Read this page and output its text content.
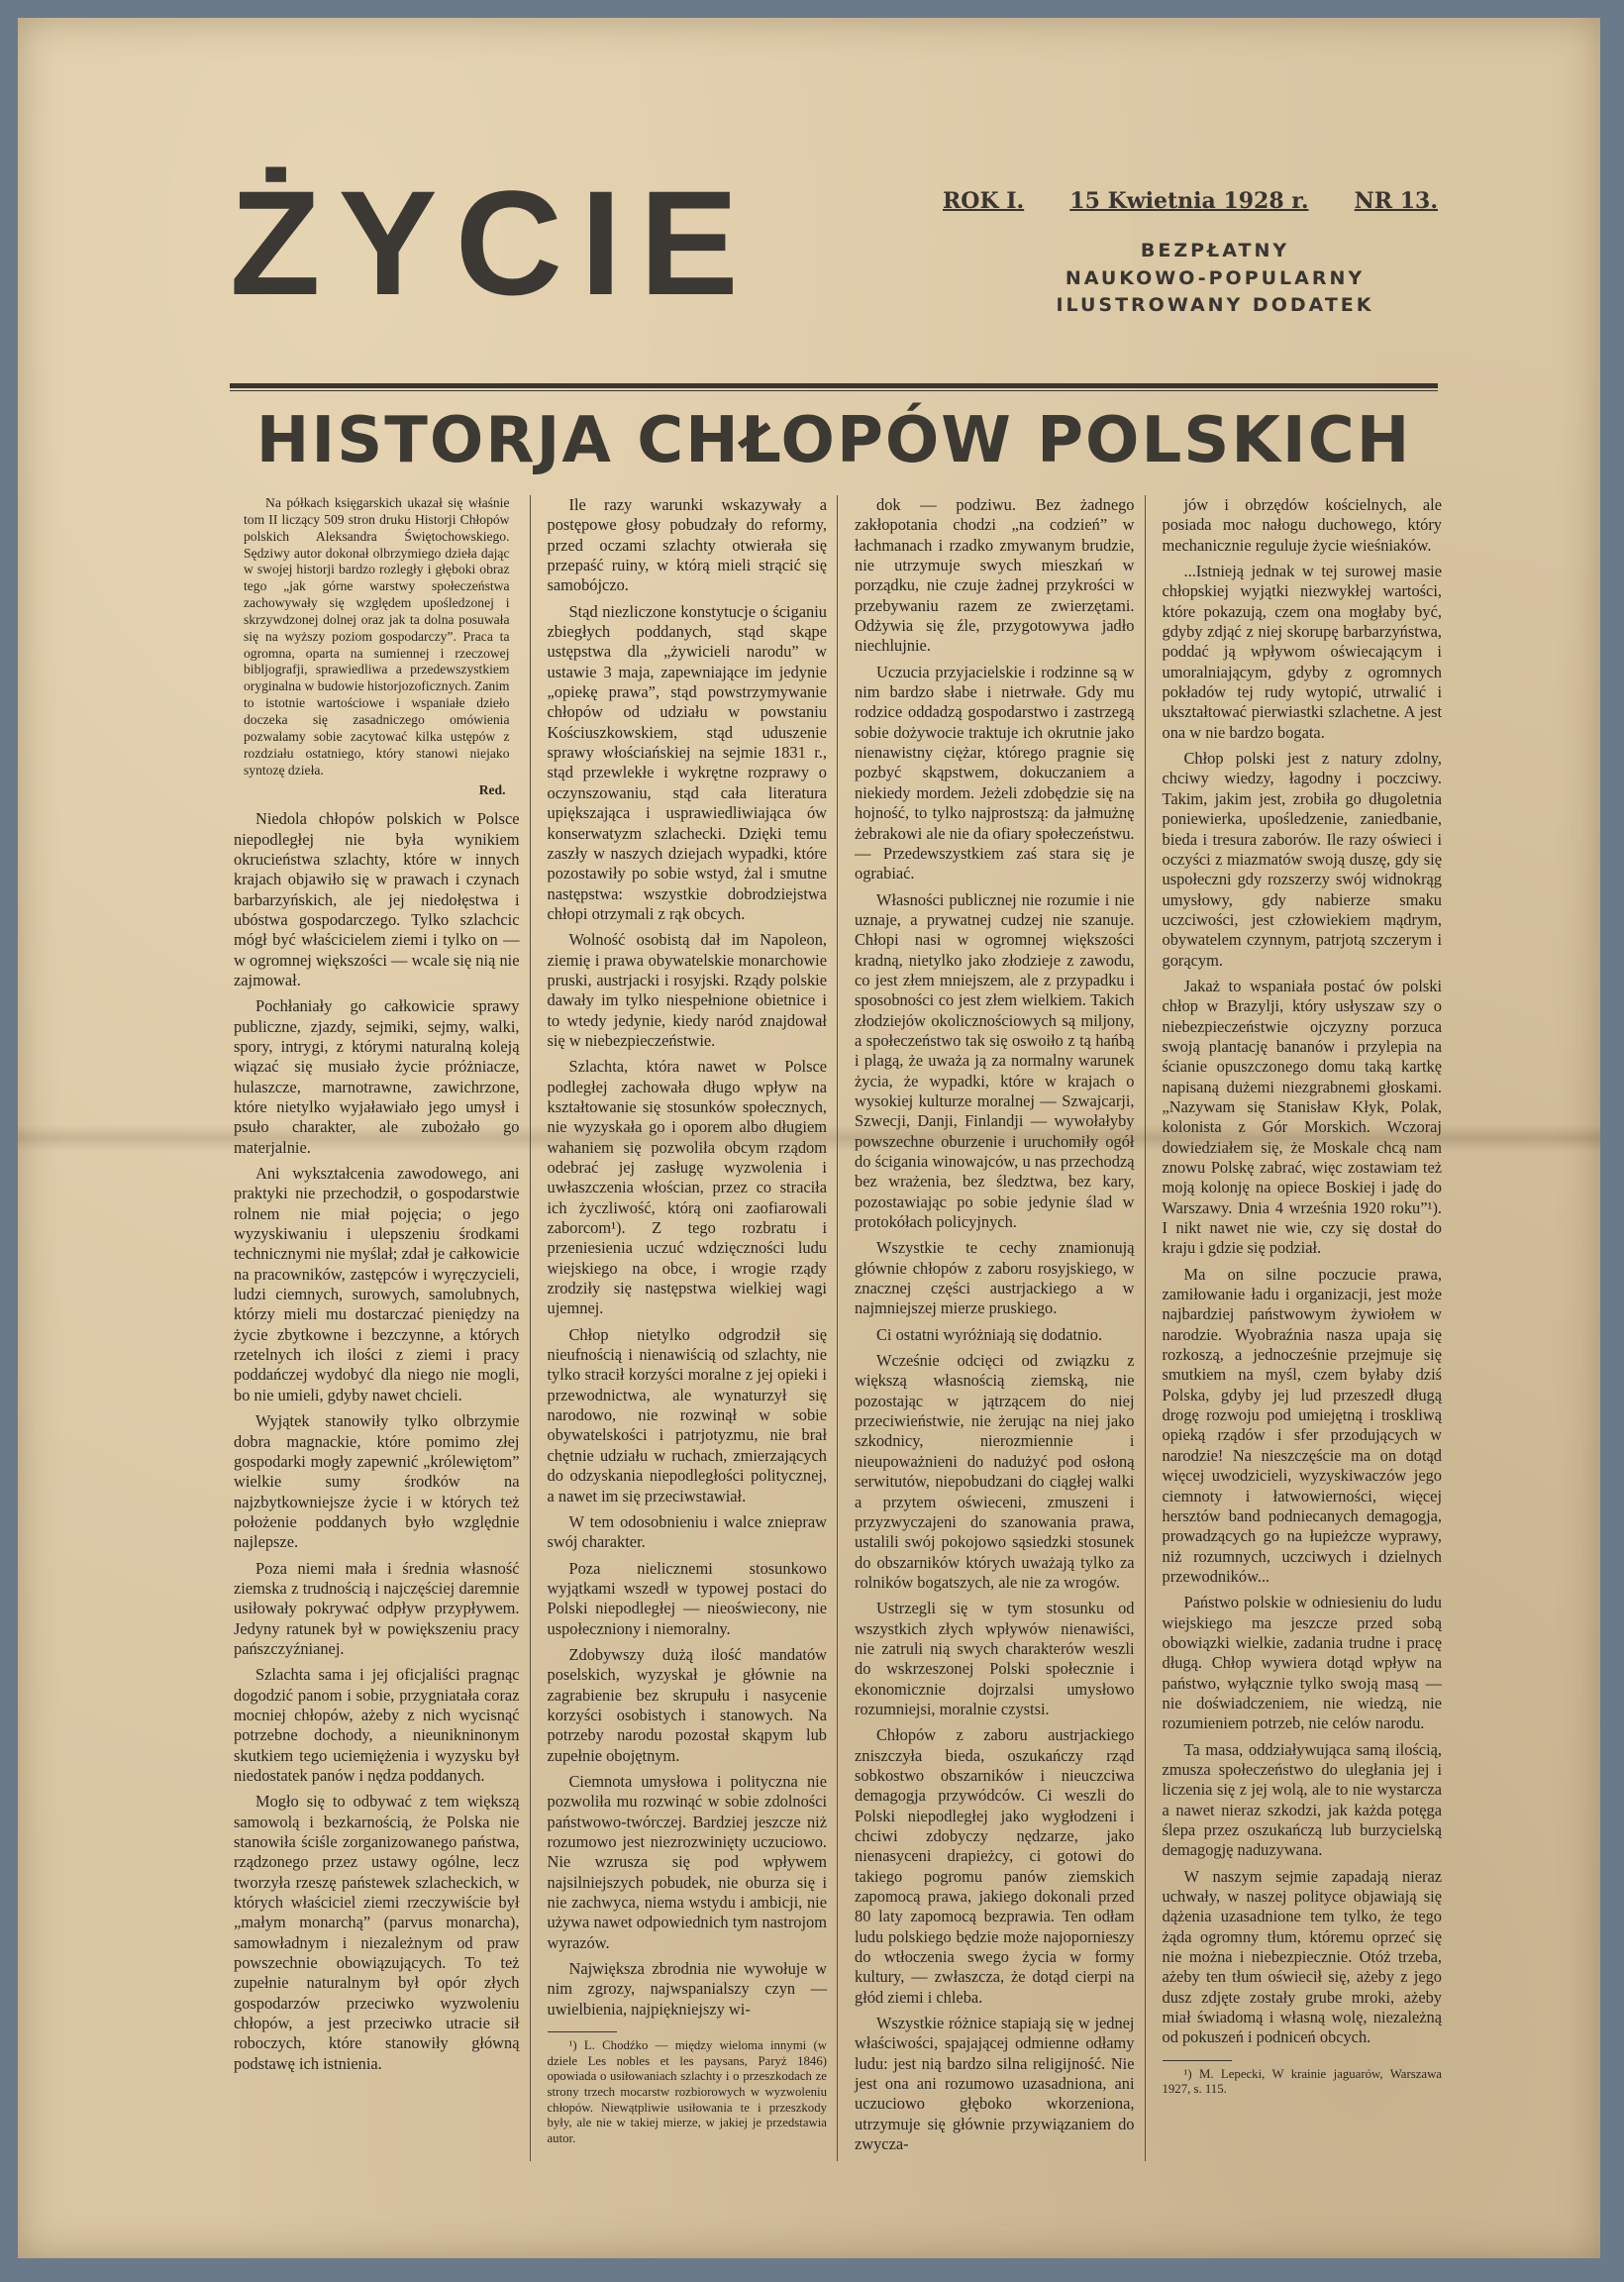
ŻYCIE	ROK I. 15 Kwietnia 1928 r. NR 13.
BEZPŁATNY
NAUKOWO-POPULARNY
ILUSTROWANY DODATEK
HISTORJA CHŁOPÓW POLSKICH

Na półkach księgarskich ukazał się właśnie tom II liczący 509 stron druku Historji Chłopów polskich Aleksandra Świętochowskiego. Sędziwy autor dokonał olbrzymiego dzieła dając w swojej historji bardzo rozległy i głęboki obraz tego „jak górne warstwy społeczeństwa zachowywały się względem upośledzonej i skrzywdzonej dolnej oraz jak ta dolna posuwała się na wyższy poziom gospodarczy”. Praca ta ogromna, oparta na sumiennej i rzeczowej bibljografji, sprawiedliwa a przedewszystkiem oryginalna w budowie historjozoficznych. Zanim to istotnie wartościowe i wspaniałe dzieło doczeka się zasadniczego omówienia pozwalamy sobie zacytować kilka ustępów z rozdziału ostatniego, który stanowi niejako syntozę dzieła.

Red.

Niedola chłopów polskich w Polsce niepodległej nie była wynikiem okrucieństwa szlachty, które w innych krajach objawiło się w prawach i czynach barbarzyńskich, ale jej niedołęstwa i ubóstwa gospodarczego. Tylko szlachcic mógł być właścicielem ziemi i tylko on — w ogromnej większości — wcale się nią nie zajmował.

Pochłaniały go całkowicie sprawy publiczne, zjazdy, sejmiki, sejmy, walki, spory, intrygi, z którymi naturalną koleją wiązać się musiało życie próżniacze, hulaszcze, marnotrawne, zawichrzone, które nietylko wyjaławiało jego umysł i psuło charakter, ale zubożało go materjalnie.

Ani wykształcenia zawodowego, ani praktyki nie przechodził, o gospodarstwie rolnem nie miał pojęcia; o jego wyzyskiwaniu i ulepszeniu środkami technicznymi nie myślał; zdał je całkowicie na pracowników, zastępców i wyręczycieli, ludzi ciemnych, surowych, samolubnych, którzy mieli mu dostarczać pieniędzy na życie zbytkowne i bezczynne, a których rzetelnych ich ilości z ziemi i pracy poddańczej wydobyć dla niego nie mogli, bo nie umieli, gdyby nawet chcieli.

Wyjątek stanowiły tylko olbrzymie dobra magnackie, które pomimo złej gospodarki mogły zapewnić „królewiętom” wielkie sumy środków na najzbytkowniejsze życie i w których też położenie poddanych było względnie najlepsze.

Poza niemi mała i średnia własność ziemska z trudnością i najczęściej daremnie usiłowały pokrywać odpływ przypływem. Jedyny ratunek był w powiększeniu pracy pańszczyźnianej.

Szlachta sama i jej oficjaliści pragnąc dogodzić panom i sobie, przygniatała coraz mocniej chłopów, ażeby z nich wycisnąć potrzebne dochody, a nieunikninonym skutkiem tego uciemiężenia i wyzysku był niedostatek panów i nędza poddanych.

Mogło się to odbywać z tem większą samowolą i bezkarnością, że Polska nie stanowiła ściśle zorganizowanego państwa, rządzonego przez ustawy ogólne, lecz tworzyła rzeszę państewek szlacheckich, w których właściciel ziemi rzeczywiście był „małym monarchą” (parvus monarcha), samowładnym i niezależnym od praw powszechnie obowiązujących. To też zupełnie naturalnym był opór złych gospodarzów przeciwko wyzwoleniu chłopów, a jest przeciwko utracie sił roboczych, które stanowiły główną podstawę ich istnienia.

Ile razy warunki wskazywały a postępowe głosy pobudzały do reformy, przed oczami szlachty otwierała się przepaść ruiny, w którą mieli strącić się samobójczo.

Stąd niezliczone konstytucje o ściganiu zbiegłych poddanych, stąd skąpe ustępstwa dla „żywicieli narodu” w ustawie 3 maja, zapewniające im jedynie „opiekę prawa”, stąd powstrzymywanie chłopów od udziału w powstaniu Kościuszkowskiem, stąd uduszenie sprawy włościańskiej na sejmie 1831 r., stąd przewlekłe i wykrętne rozprawy o oczynszowaniu, stąd cała literatura upiększająca i usprawiedliwiająca ów konserwatyzm szlachecki. Dzięki temu zaszły w naszych dziejach wypadki, które pozostawiły po sobie wstyd, żal i smutne następstwa: wszystkie dobrodziejstwa chłopi otrzymali z rąk obcych.

Wolność osobistą dał im Napoleon, ziemię i prawa obywatelskie monarchowie pruski, austrjacki i rosyjski. Rządy polskie dawały im tylko niespełnione obietnice i to wtedy jedynie, kiedy naród znajdował się w niebezpieczeństwie.

Szlachta, która nawet w Polsce podległej zachowała długo wpływ na kształtowanie się stosunków społecznych, nie wyzyskała go i oporem albo długiem wahaniem się pozwoliła obcym rządom odebrać jej zasługę wyzwolenia i uwłaszczenia włościan, przez co straciła ich życzliwość, którą oni zaofiarowali zaborcom¹). Z tego rozbratu i przeniesienia uczuć wdzięczności ludu wiejskiego na obce, i wrogie rządy zrodziły się następstwa wielkiej wagi ujemnej.

Chłop nietylko odgrodził się nieufnością i nienawiścią od szlachty, nie tylko stracił korzyści moralne z jej opieki i przewodnictwa, ale wynaturzył się narodowo, nie rozwinął w sobie obywatelskości i patrjotyzmu, nie brał chętnie udziału w ruchach, zmierzających do odzyskania niepodległości politycznej, a nawet im się przeciwstawiał.

W tem odosobnieniu i walce zniepraw swój charakter.

Poza nielicznemi stosunkowo wyjątkami wszedł w typowej postaci do Polski niepodległej — nieoświecony, nie uspołeczniony i niemoralny.

Zdobywszy dużą ilość mandatów poselskich, wyzyskał je głównie na zagrabienie bez skrupułu i nasycenie korzyści osobistych i stanowych. Na potrzeby narodu pozostał skąpym lub zupełnie obojętnym.

Ciemnota umysłowa i polityczna nie pozwoliła mu rozwinąć w sobie zdolności państwowo-twórczej. Bardziej jeszcze niż rozumowo jest niezrozwinięty uczuciowo. Nie wzrusza się pod wpływem najsilniejszych pobudek, nie oburza się i nie zachwyca, niema wstydu i ambicji, nie używa nawet odpowiednich tym nastrojom wyrazów.

Największa zbrodnia nie wywołuje w nim zgrozy, najwspanialszy czyn — uwielbienia, najpiękniejszy wi-

¹) L. Chodźko — między wieloma innymi (w dziele Les nobles et les paysans, Paryż 1846) opowiada o usiłowaniach szlachty i o przeszkodach ze strony trzech mocarstw rozbiorowych w wyzwoleniu chłopów. Niewątpliwie usiłowania te i przeszkody były, ale nie w takiej mierze, w jakiej je przedstawia autor.

dok — podziwu. Bez żadnego zakłopotania chodzi „na codzień” w łachmanach i rzadko zmywanym brudzie, nie utrzymuje swych mieszkań w porządku, nie czuje żadnej przykrości w przebywaniu razem ze zwierzętami. Odżywia się źle, przygotowywa jadło niechlujnie.

Uczucia przyjacielskie i rodzinne są w nim bardzo słabe i nietrwałe. Gdy mu rodzice oddadzą gospodarstwo i zastrzegą sobie dożywocie traktuje ich okrutnie jako nienawistny ciężar, którego pragnie się pozbyć skąpstwem, dokuczaniem a niekiedy mordem. Jeżeli zdobędzie się na hojność, to tylko najprostszą: da jałmużnę żebrakowi ale nie da ofiary społeczeństwu. — Przedewszystkiem zaś stara się je ograbiać.

Własności publicznej nie rozumie i nie uznaje, a prywatnej cudzej nie szanuje. Chłopi nasi w ogromnej większości kradną, nietylko jako złodzieje z zawodu, co jest złem mniejszem, ale z przypadku i sposobności co jest złem wielkiem. Takich złodziejów okolicznościowych są miljony, a społeczeństwo tak się oswoiło z tą hańbą i plagą, że uważa ją za normalny warunek życia, że wypadki, które w krajach o wysokiej kulturze moralnej — Szwajcarji, Szwecji, Danji, Finlandji — wywołałyby powszechne oburzenie i uruchomiły ogół do ścigania winowajców, u nas przechodzą bez wrażenia, bez śledztwa, bez kary, pozostawiając po sobie jedynie ślad w protokółach policyjnych.

Wszystkie te cechy znamionują głównie chłopów z zaboru rosyjskiego, w znacznej części austrjackiego a w najmniejszej mierze pruskiego.

Ci ostatni wyróżniają się dodatnio.

Wcześnie odcięci od związku z większą własnością ziemską, nie pozostając w jątrzącem do niej przeciwieństwie, nie żerując na niej jako szkodnicy, nierozmiennie i nieupoważnieni do nadużyć pod osłoną serwitutów, niepobudzani do ciągłej walki a przytem oświeceni, zmuszeni i przyzwyczajeni do szanowania prawa, ustalili swój pokojowo sąsiedzki stosunek do obszarników których uważają tylko za rolników bogatszych, ale nie za wrogów.

Ustrzegli się w tym stosunku od wszystkich złych wpływów nienawiści, nie zatruli nią swych charakterów weszli do wskrzeszonej Polski społecznie i ekonomicznie dojrzalsi umysłowo rozumniejsi, moralnie czystsi.

Chłopów z zaboru austrjackiego zniszczyła bieda, oszukańczy rząd sobkostwo obszarników i nieuczciwa demagogja przywódców. Ci weszli do Polski niepodległej jako wygłodzeni i chciwi zdobyczy nędzarze, jako nienasyceni drapieżcy, ci gotowi do takiego pogromu panów ziemskich zapomocą prawa, jakiego dokonali przed 80 laty zapomocą bezprawia. Ten odłam ludu polskiego będzie może najopornieszy do wtłoczenia swego życia w formy kultury, — zwłaszcza, że dotąd cierpi na głód ziemi i chleba.

Wszystkie różnice stapiają się w jednej właściwości, spajającej odmienne odłamy ludu: jest nią bardzo silna religijność. Nie jest ona ani rozumowo uzasadniona, ani uczuciowo głęboko wkorzeniona, utrzymuje się głównie przywiązaniem do zwycza-

jów i obrzędów kościelnych, ale posiada moc nałogu duchowego, który mechanicznie reguluje życie wieśniaków.

...Istnieją jednak w tej surowej masie chłopskiej wyjątki niezwykłej wartości, które pokazują, czem ona mogłaby być, gdyby zdjąć z niej skorupę barbarzyństwa, poddać ją wpływom oświecającym i umoralniającym, gdyby z ogromnych pokładów tej rudy wytopić, utrwalić i ukształtować pierwiastki szlachetne. A jest ona w nie bardzo bogata.

Chłop polski jest z natury zdolny, chciwy wiedzy, łagodny i poczciwy. Takim, jakim jest, zrobiła go długoletnia poniewierka, upośledzenie, zaniedbanie, bieda i tresura zaborów. Ile razy oświeci i oczyści z miazmatów swoją duszę, gdy się uspołeczni gdy rozszerzy swój widnokrąg umysłowy, gdy nabierze smaku uczciwości, jest człowiekiem mądrym, obywatelem czynnym, patrjotą szczerym i gorącym.

Jakaż to wspaniała postać ów polski chłop w Brazylji, który usłyszaw szy o niebezpieczeństwie ojczyzny porzuca swoją plantację bananów i przylepia na ścianie opuszczonego domu taką kartkę napisaną dużemi niezgrabnemi głoskami. „Nazywam się Stanisław Kłyk, Polak, kolonista z Gór Morskich. Wczoraj dowiedziałem się, że Moskale chcą nam znowu Polskę zabrać, więc zostawiam też moją kolonję na opiece Boskiej i jadę do Warszawy. Dnia 4 września 1920 roku”¹). I nikt nawet nie wie, czy się dostał do kraju i gdzie się podział.

Ma on silne poczucie prawa, zamiłowanie ładu i organizacji, jest może najbardziej państwowym żywiołem w narodzie. Wyobraźnia nasza upaja się rozkoszą, a jednocześnie przejmuje się smutkiem na myśl, czem byłaby dziś Polska, gdyby jej lud przeszedł długą drogę rozwoju pod umiejętną i troskliwą opieką rządów i sfer przodujących w narodzie! Na nieszczęście ma on dotąd więcej uwodzicieli, wyzyskiwaczów jego ciemnoty i łatwowierności, więcej hersztów band podniecanych demagogja, prowadzących go na łupieżcze wyprawy, niż rozumnych, uczciwych i dzielnych przewodników...

Państwo polskie w odniesieniu do ludu wiejskiego ma jeszcze przed sobą obowiązki wielkie, zadania trudne i pracę długą. Chłop wywiera dotąd wpływ na państwo, wyłącznie tylko swoją masą — nie doświadczeniem, nie wiedzą, nie rozumieniem potrzeb, nie celów narodu.

Ta masa, oddziaływująca samą ilością, zmusza społeczeństwo do uległania jej i liczenia się z jej wolą, ale to nie wystarcza a nawet nieraz szkodzi, jak każda potęga ślepa przez oszukańczą lub burzycielską demagogję naduzywana.

W naszym sejmie zapadają nieraz uchwały, w naszej polityce objawiają się dążenia uzasadnione tem tylko, że tego żąda ogromny tłum, któremu oprzeć się nie można i niebezpiecznie. Otóż trzeba, ażeby ten tłum oświecił się, ażeby z jego dusz zdjęte zostały grube mroki, ażeby miał świadomą i własną wolę, niezależną od pokuszeń i podniceń obcych.

¹) M. Lepecki, W krainie jaguarów, Warszawa 1927, s. 115.
